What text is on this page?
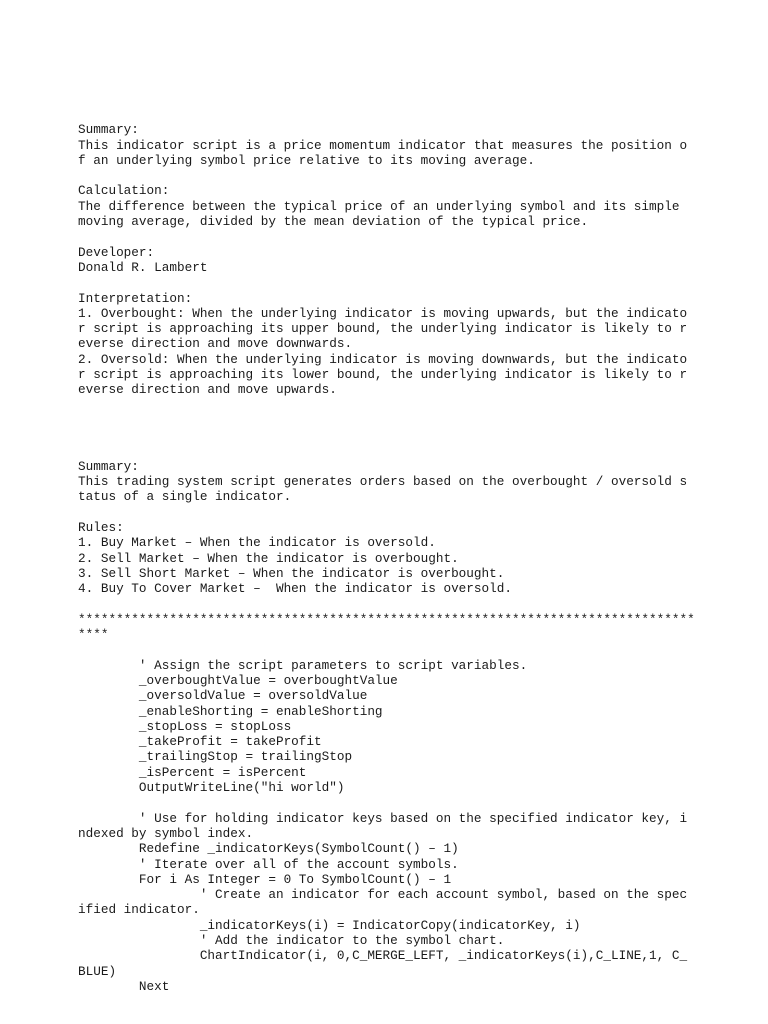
Summary:
This indicator script is a price momentum indicator that measures the position o
f an underlying symbol price relative to its moving average.
Calculation:
The difference between the typical price of an underlying symbol and its simple
moving average, divided by the mean deviation of the typical price.
Developer:
Donald R. Lambert
Interpretation:
1. Overbought: When the underlying indicator is moving upwards, but the indicato
r script is approaching its upper bound, the underlying indicator is likely to r
everse direction and move downwards.
2. Oversold: When the underlying indicator is moving downwards, but the indicato
r script is approaching its lower bound, the underlying indicator is likely to r
everse direction and move upwards.
Summary:
This trading system script generates orders based on the overbought / oversold s
tatus of a single indicator.
Rules:
1. Buy Market – When the indicator is oversold.
2. Sell Market – When the indicator is overbought.
3. Sell Short Market – When the indicator is overbought.
4. Buy To Cover Market –  When the indicator is oversold.
*********************************************************************************
****
' Assign the script parameters to script variables.
_overboughtValue = overboughtValue
_oversoldValue = oversoldValue
_enableShorting = enableShorting
_stopLoss = stopLoss
_takeProfit = takeProfit
_trailingStop = trailingStop
_isPercent = isPercent
OutputWriteLine("hi world")
' Use for holding indicator keys based on the specified indicator key, i
ndexed by symbol index.
Redefine _indicatorKeys(SymbolCount() – 1)
' Iterate over all of the account symbols.
For i As Integer = 0 To SymbolCount() – 1
' Create an indicator for each account symbol, based on the spec
ified indicator.
_indicatorKeys(i) = IndicatorCopy(indicatorKey, i)
' Add the indicator to the symbol chart.
ChartIndicator(i, 0,C_MERGE_LEFT, _indicatorKeys(i),C_LINE,1, C_
BLUE)
Next
